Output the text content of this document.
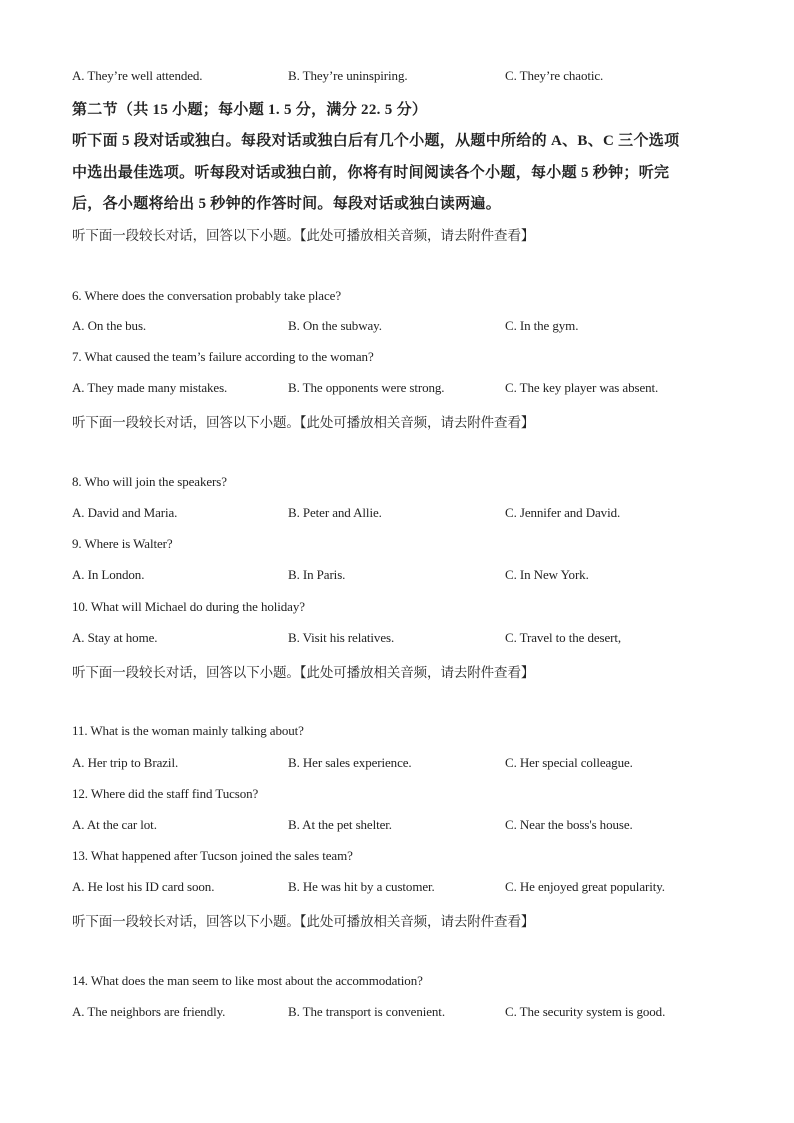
A. They’re well attended.	B. They’re uninspiring.	C. They’re chaotic.
第二节（共 15 小题；每小题 1. 5 分，满分 22. 5 分）
听下面 5 段对话或独白。每段对话或独白后有几个小题，从题中所给的 A、B、C 三个选项
中选出最佳选项。听每段对话或独白前，你将有时间阅读各个小题，每小题 5 秒钟；听完
后，各小题将给出 5 秒钟的作答时间。每段对话或独白读两遍。
听下面一段较长对话，回答以下小题。【此处可播放相关音频，请去附件查看】
6. Where does the conversation probably take place?
A. On the bus.	B. On the subway.	C. In the gym.
7. What caused the team’s failure according to the woman?
A. They made many mistakes.	B. The opponents were strong.	C. The key player was absent.
听下面一段较长对话，回答以下小题。【此处可播放相关音频，请去附件查看】
8. Who will join the speakers?
A. David and Maria.	B. Peter and Allie.	C. Jennifer and David.
9. Where is Walter?
A. In London.	B. In Paris.	C. In New York.
10. What will Michael do during the holiday?
A. Stay at home.	B. Visit his relatives.	C. Travel to the desert,
听下面一段较长对话，回答以下小题。【此处可播放相关音频，请去附件查看】
11. What is the woman mainly talking about?
A. Her trip to Brazil.	B. Her sales experience.	C. Her special colleague.
12. Where did the staff find Tucson?
A. At the car lot.	B. At the pet shelter.	C. Near the boss's house.
13. What happened after Tucson joined the sales team?
A. He lost his ID card soon.	B. He was hit by a customer.	C. He enjoyed great popularity.
听下面一段较长对话，回答以下小题。【此处可播放相关音频，请去附件查看】
14. What does the man seem to like most about the accommodation?
A. The neighbors are friendly.	B. The transport is convenient.	C. The security system is good.
